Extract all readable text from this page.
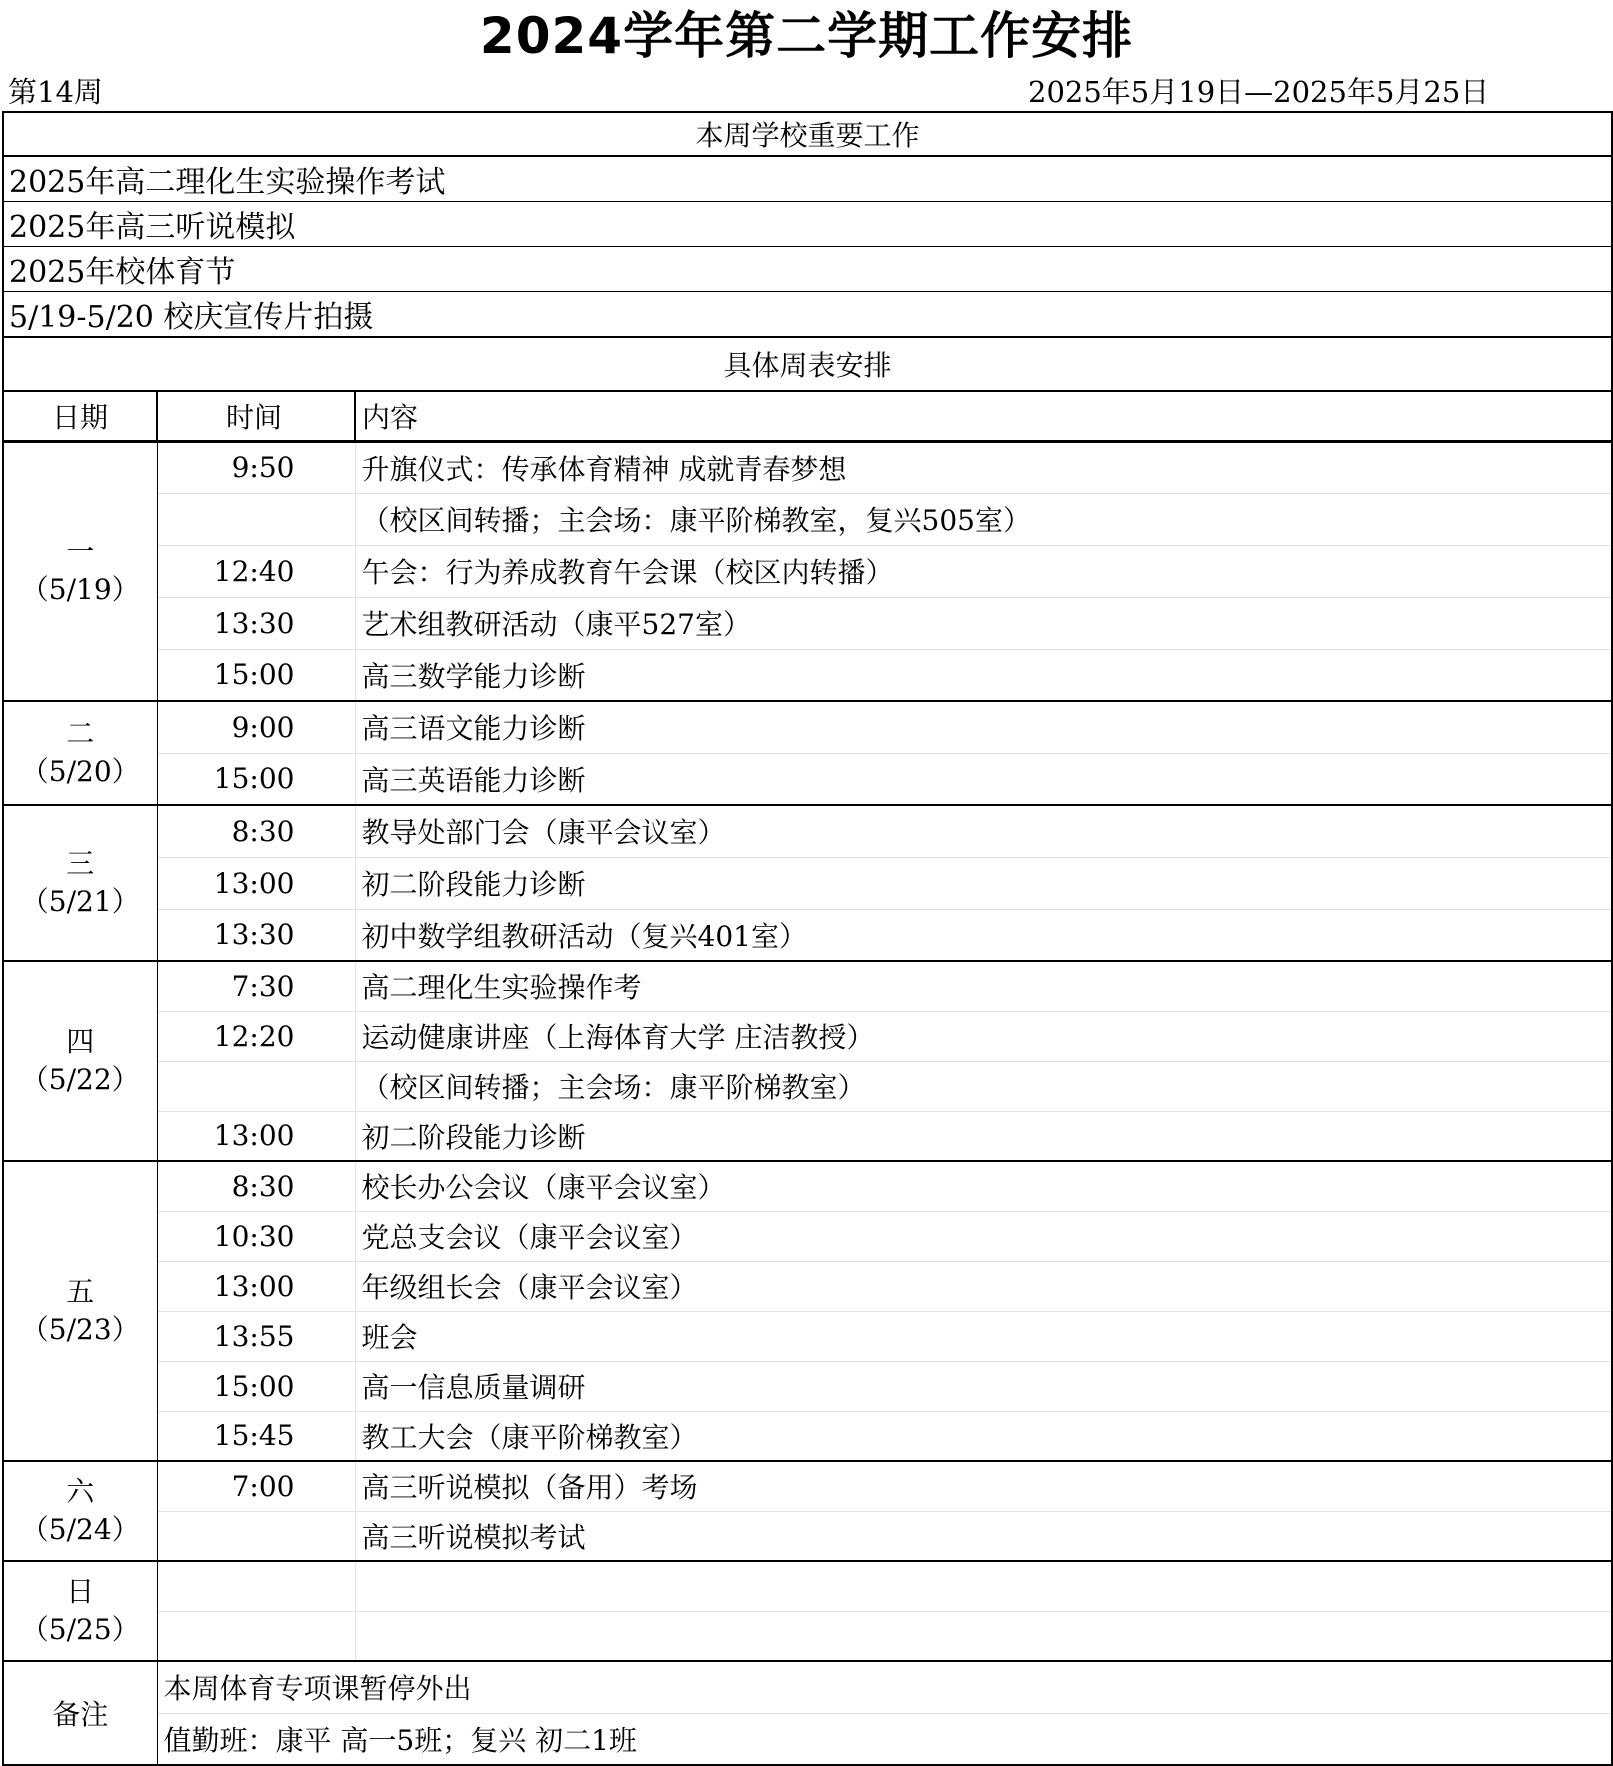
2024学年第二学期工作安排
第14周	2025年5月19日—2025年5月25日
本周学校重要工作		
2025年高二理化生实验操作考试		
2025年高三听说模拟		
2025年校体育节		
5/19-5/20 校庆宣传片拍摄		
具体周表安排		
日期	时间	内容

一
（5/19）	9:50	升旗仪式：传承体育精神 成就青春梦想
		（校区间转播；主会场：康平阶梯教室，复兴505室）
	12:40	午会：行为养成教育午会课（校区内转播）
	13:30	艺术组教研活动（康平527室）
	15:00	高三数学能力诊断

二
（5/20）	9:00	高三语文能力诊断
	15:00	高三英语能力诊断

三
（5/21）	8:30	教导处部门会（康平会议室）
	13:00	初二阶段能力诊断
	13:30	初中数学组教研活动（复兴401室）

四
（5/22）	7:30	高二理化生实验操作考
	12:20	运动健康讲座（上海体育大学 庄洁教授）
		（校区间转播；主会场：康平阶梯教室）
	13:00	初二阶段能力诊断

五
（5/23）	8:30	校长办公会议（康平会议室）
	10:30	党总支会议（康平会议室）
	13:00	年级组长会（康平会议室）
	13:55	班会
	15:00	高一信息质量调研
	15:45	教工大会（康平阶梯教室）

六
（5/24）	7:00	高三听说模拟（备用）考场
		高三听说模拟考试

日
（5/25）		

备注	本周体育专项课暂停外出	
	值勤班：康平 高一5班；复兴 初二1班	
